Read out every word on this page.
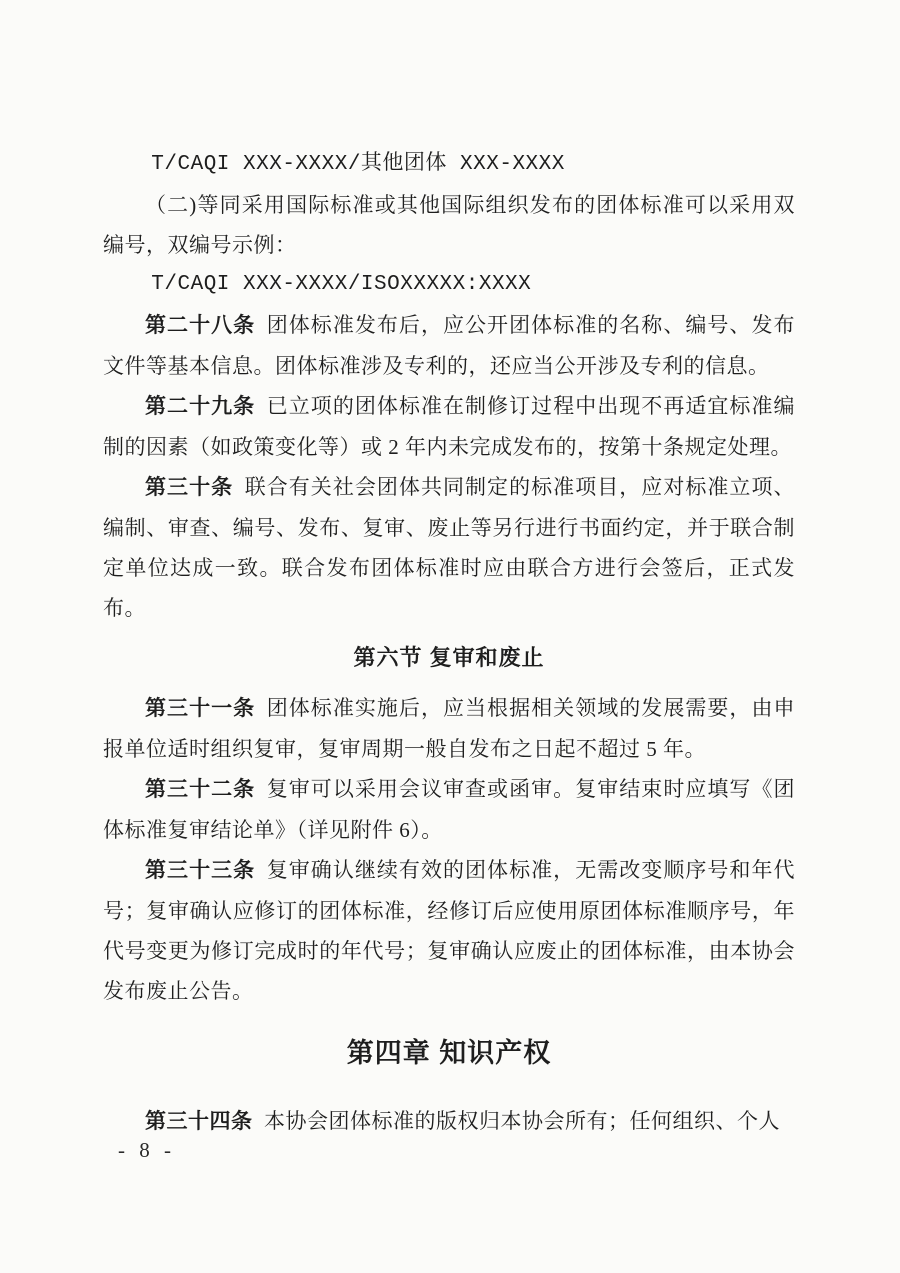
T/CAQI XXX-XXXX/其他团体 XXX-XXXX

（二)等同采用国际标准或其他国际组织发布的团体标准可以采用双编号，双编号示例：

T/CAQI XXX-XXXX/ISOXXXXX:XXXX

第二十八条 团体标准发布后，应公开团体标准的名称、编号、发布文件等基本信息。团体标准涉及专利的，还应当公开涉及专利的信息。

第二十九条 已立项的团体标准在制修订过程中出现不再适宜标准编制的因素（如政策变化等）或 2 年内未完成发布的，按第十条规定处理。

第三十条 联合有关社会团体共同制定的标准项目，应对标准立项、编制、审查、编号、发布、复审、废止等另行进行书面约定，并于联合制定单位达成一致。联合发布团体标准时应由联合方进行会签后，正式发布。

第六节 复审和废止

第三十一条 团体标准实施后，应当根据相关领域的发展需要，由申报单位适时组织复审，复审周期一般自发布之日起不超过 5 年。

第三十二条 复审可以采用会议审查或函审。复审结束时应填写《团体标准复审结论单》（详见附件 6）。

第三十三条 复审确认继续有效的团体标准，无需改变顺序号和年代号；复审确认应修订的团体标准，经修订后应使用原团体标准顺序号，年代号变更为修订完成时的年代号；复审确认应废止的团体标准，由本协会发布废止公告。

第四章 知识产权

第三十四条 本协会团体标准的版权归本协会所有；任何组织、个人

- 8 -
